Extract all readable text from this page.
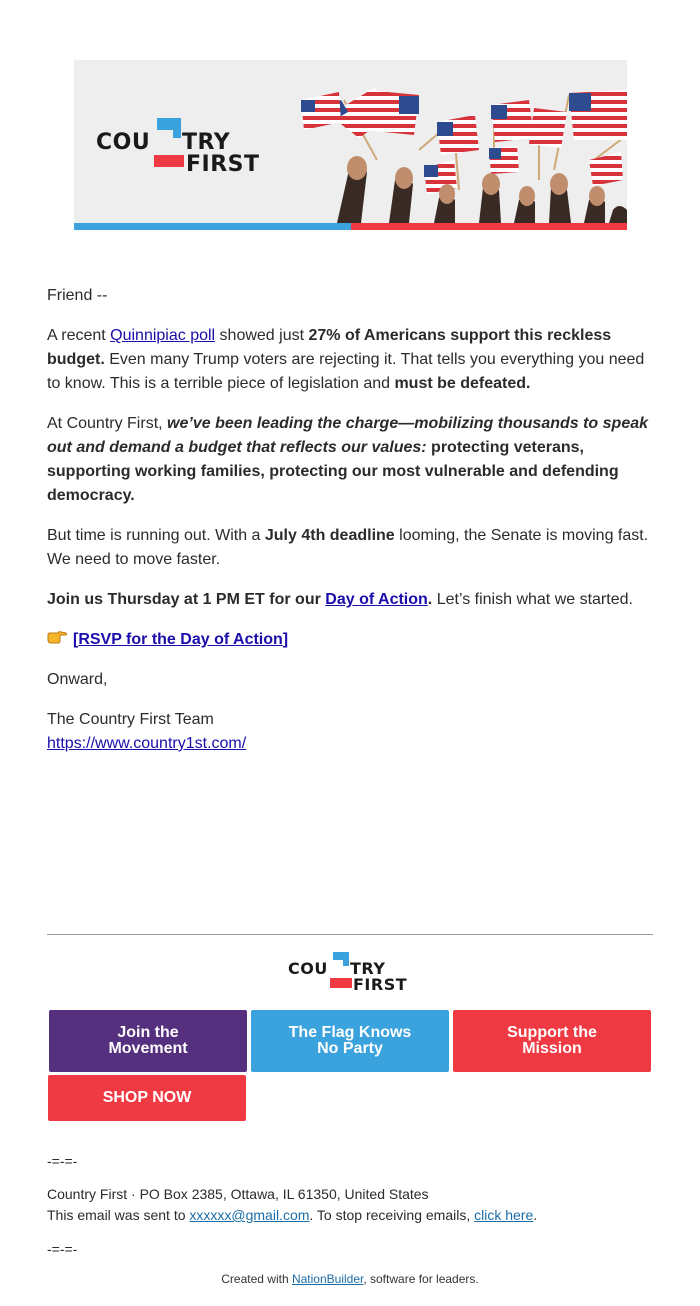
COU TRY
FIRST

Friend --

A recent Quinnipiac poll showed just 27% of Americans support this reckless budget. Even many Trump voters are rejecting it. That tells you everything you need to know. This is a terrible piece of legislation and must be defeated.

At Country First, we’ve been leading the charge—mobilizing thousands to speak out and demand a budget that reflects our values: protecting veterans, supporting working families, protecting our most vulnerable and defending democracy.

But time is running out. With a July 4th deadline looming, the Senate is moving fast. We need to move faster.

Join us Thursday at 1 PM ET for our Day of Action. Let’s finish what we started.

[RSVP for the Day of Action]

Onward,

The Country First Team
https://www.country1st.com/

COU TRY
FIRST
Join the
Movement
The Flag Knows
No Party
Support the
Mission
SHOP NOW
-=-=-
Country First · PO Box 2385, Ottawa, IL 61350, United States
This email was sent to xxxxxx@gmail.com. To stop receiving emails, click here.
-=-=-
Created with NationBuilder, software for leaders.
